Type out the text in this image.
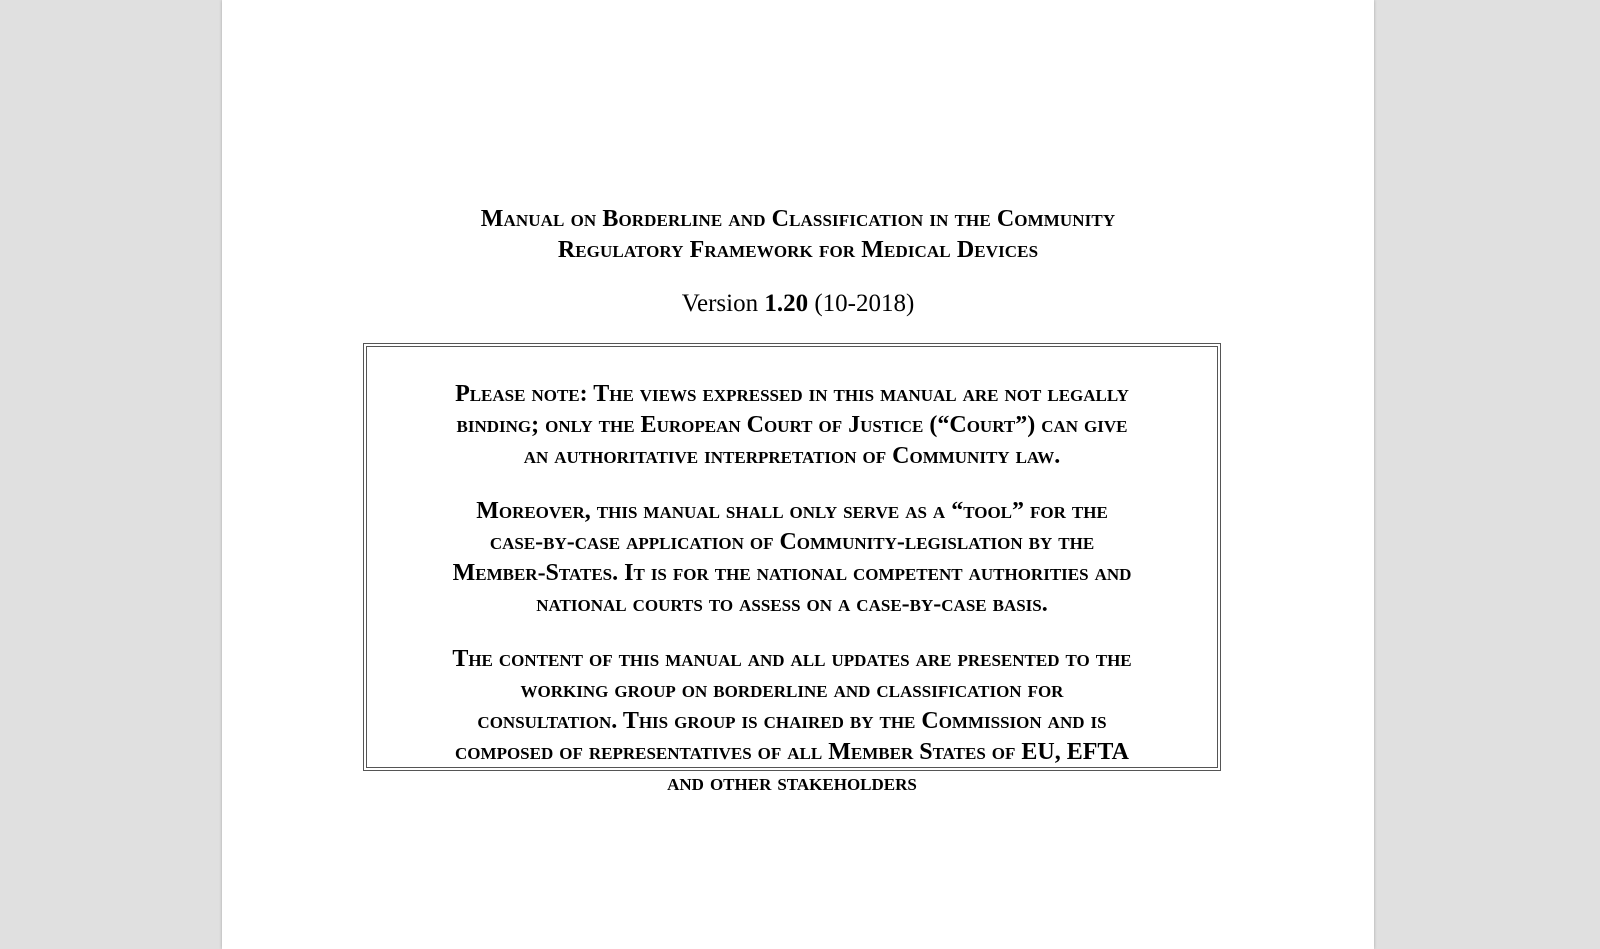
Manual on Borderline and Classification in the Community
Regulatory Framework for Medical Devices
Version 1.20 (10-2018)

Please note: The views expressed in this manual are not legally
binding; only the European Court of Justice (“Court”) can give
an authoritative interpretation of Community law.

Moreover, this manual shall only serve as a “tool” for the
case-by-case application of Community-legislation by the
Member-States. It is for the national competent authorities and
national courts to assess on a case-by-case basis.

The content of this manual and all updates are presented to the
working group on borderline and classification for
consultation. This group is chaired by the Commission and is
composed of representatives of all Member States of EU, EFTA
and other stakeholders
